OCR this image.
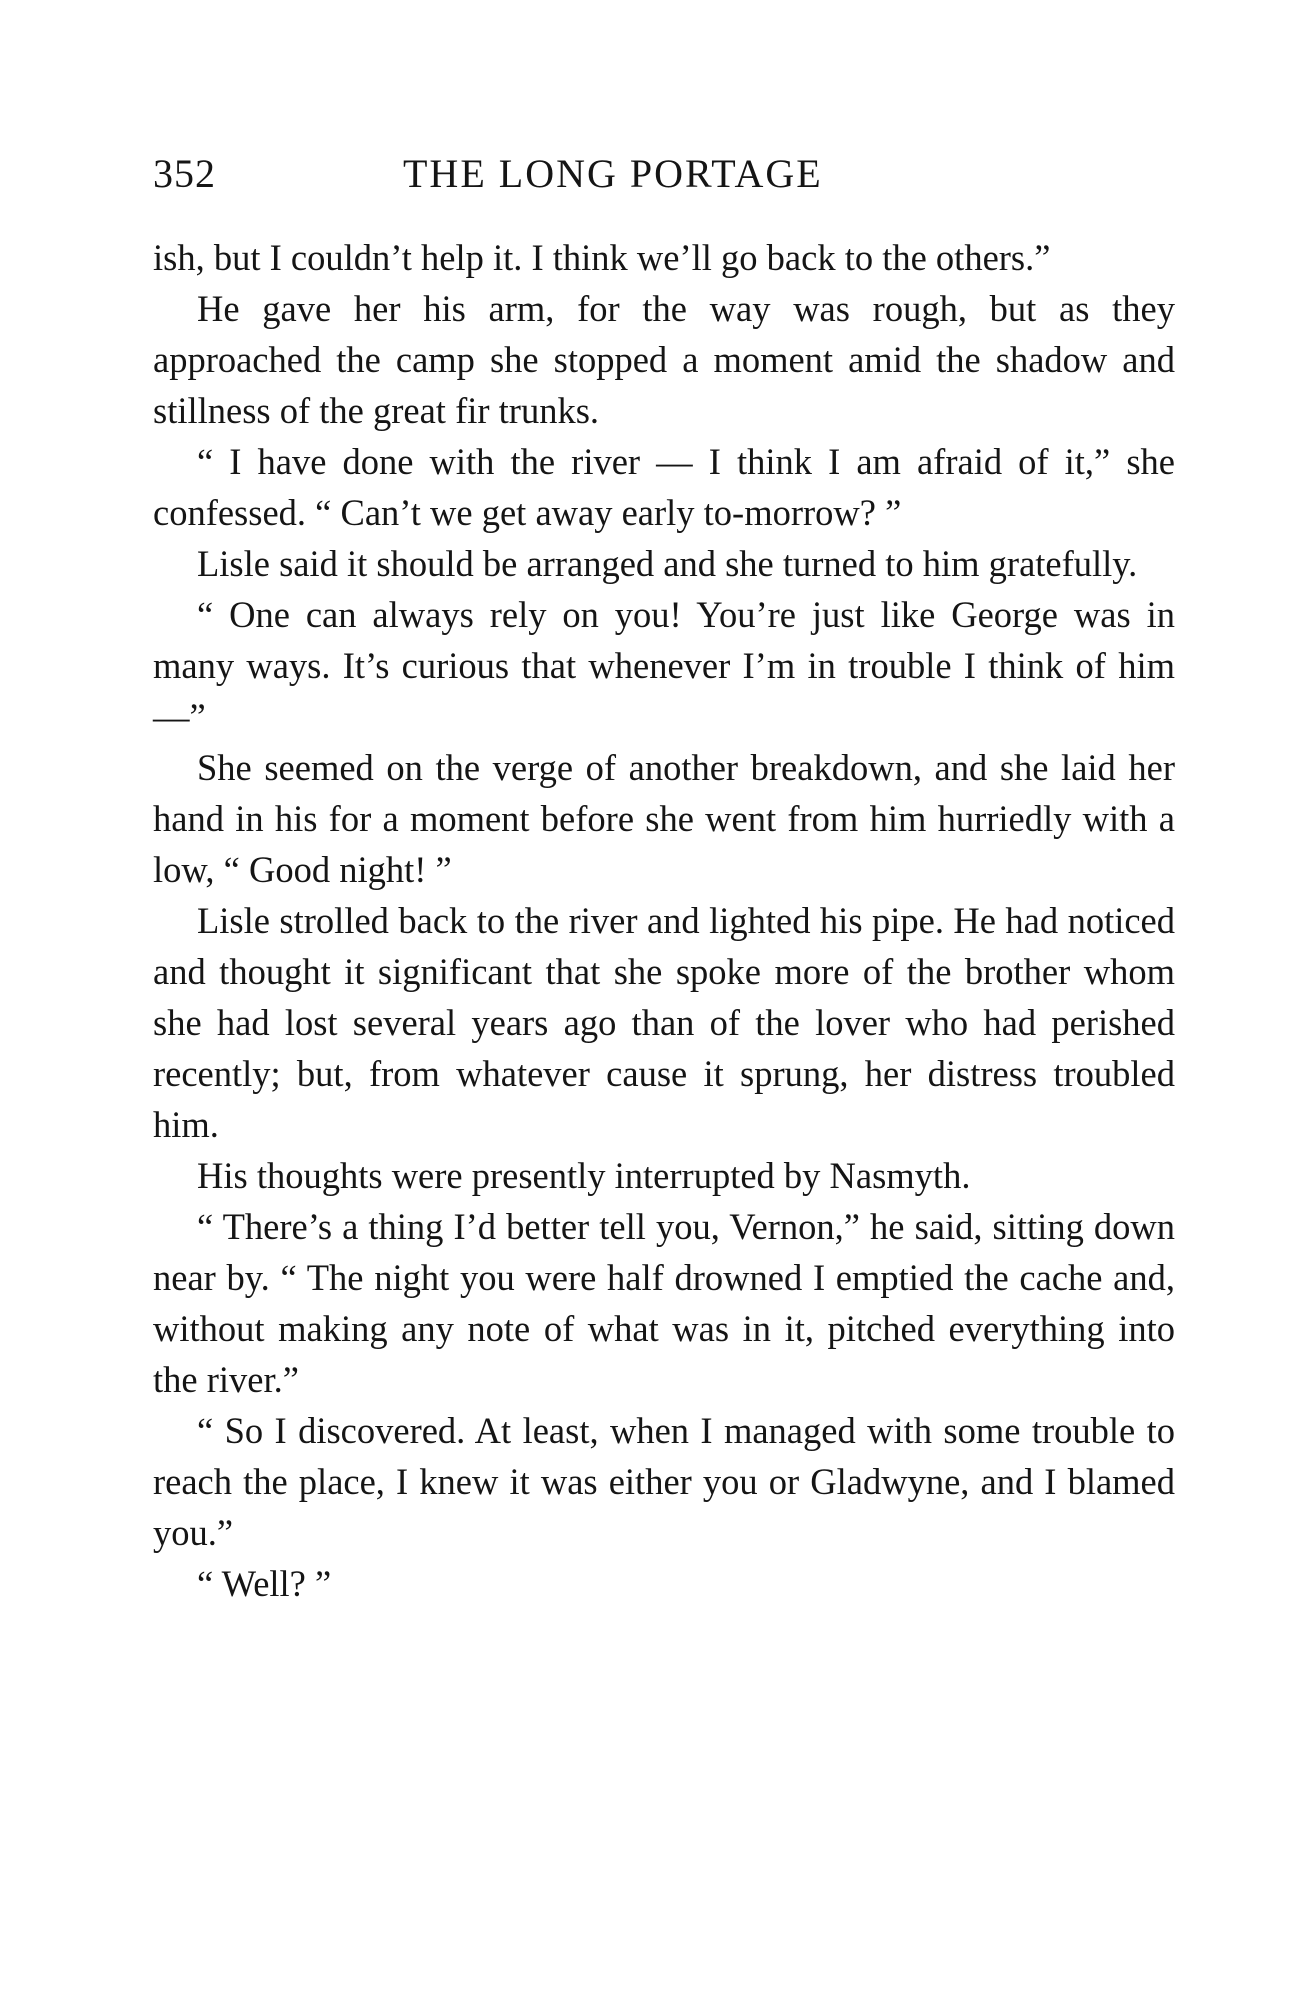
352	THE LONG PORTAGE

ish, but I couldn’t help it. I think we’ll go back to the others.”

He gave her his arm, for the way was rough, but as they approached the camp she stopped a moment amid the shadow and stillness of the great fir trunks.

“ I have done with the river — I think I am afraid of it,” she confessed. “ Can’t we get away early to-morrow? ”

Lisle said it should be arranged and she turned to him gratefully.

“ One can always rely on you! You’re just like George was in many ways. It’s curious that whenever I’m in trouble I think of him —”

She seemed on the verge of another breakdown, and she laid her hand in his for a moment before she went from him hurriedly with a low, “ Good night! ”

Lisle strolled back to the river and lighted his pipe. He had noticed and thought it significant that she spoke more of the brother whom she had lost several years ago than of the lover who had perished recently; but, from whatever cause it sprung, her distress troubled him.

His thoughts were presently interrupted by Nasmyth.

“ There’s a thing I’d better tell you, Vernon,” he said, sitting down near by. “ The night you were half drowned I emptied the cache and, without making any note of what was in it, pitched everything into the river.”

“ So I discovered. At least, when I managed with some trouble to reach the place, I knew it was either you or Gladwyne, and I blamed you.”

“ Well? ”
